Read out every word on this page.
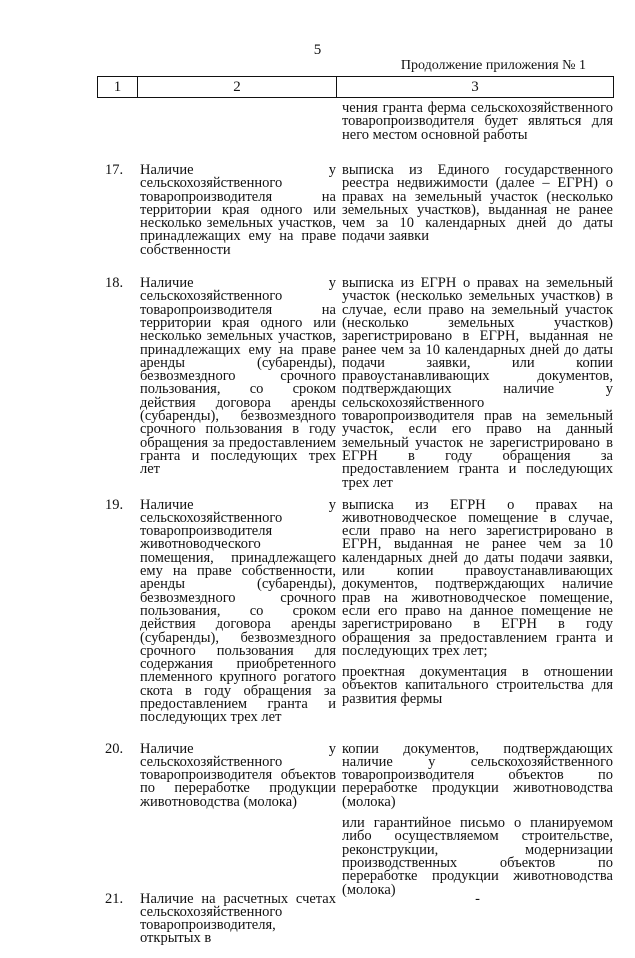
5
Продолжение приложения № 1
1	2	3

чения гранта ферма сельскохозяйственного товаропроизводителя будет являться для него местом основной работы

17. Наличие у сельскохозяйственного товаропроизводителя на территории края одного или несколько земельных участков, принадлежащих ему на праве собственности

выписка из Единого государственного реестра недвижимости (далее – ЕГРН) о правах на земельный участок (несколько земельных участков), выданная не ранее чем за 10 календарных дней до даты подачи заявки

18. Наличие у сельскохозяйственного товаропроизводителя на территории края одного или несколько земельных участков, принадлежащих ему на праве аренды (субаренды), безвозмездного срочного пользования, со сроком действия договора аренды (субаренды), безвозмездного срочного пользования в году обращения за предоставлением гранта и последующих трех лет

выписка из ЕГРН о правах на земельный участок (несколько земельных участков) в случае, если право на земельный участок (несколько земельных участков) зарегистрировано в ЕГРН, выданная не ранее чем за 10 календарных дней до даты подачи заявки, или копии правоустанавливающих документов, подтверждающих наличие у сельскохозяйственного товаропроизводителя прав на земельный участок, если его право на данный земельный участок не зарегистрировано в ЕГРН в году обращения за предоставлением гранта и последующих трех лет

19. Наличие у сельскохозяйственного товаропроизводителя животноводческого помещения, принадлежащего ему на праве собственности, аренды (субаренды), безвозмездного срочного пользования, со сроком действия договора аренды (субаренды), безвозмездного срочного пользования для содержания приобретенного племенного крупного рогатого скота в году обращения за предоставлением гранта и последующих трех лет

выписка из ЕГРН о правах на животноводческое помещение в случае, если право на него зарегистрировано в ЕГРН, выданная не ранее чем за 10 календарных дней до даты подачи заявки, или копии правоустанавливающих документов, подтверждающих наличие прав на животноводческое помещение, если его право на данное помещение не зарегистрировано в ЕГРН в году обращения за предоставлением гранта и последующих трех лет;

проектная документация в отношении объектов капитального строительства для развития фермы

20. Наличие у сельскохозяйственного товаропроизводителя объектов по переработке продукции животноводства (молока)

копии документов, подтверждающих наличие у сельскохозяйственного товаропроизводителя объектов по переработке продукции животноводства (молока)

или гарантийное письмо о планируемом либо осуществляемом строительстве, реконструкции, модернизации производственных объектов по переработке продукции животноводства (молока)

21. Наличие на расчетных счетах сельскохозяйственного товаропроизводителя, открытых в

-
